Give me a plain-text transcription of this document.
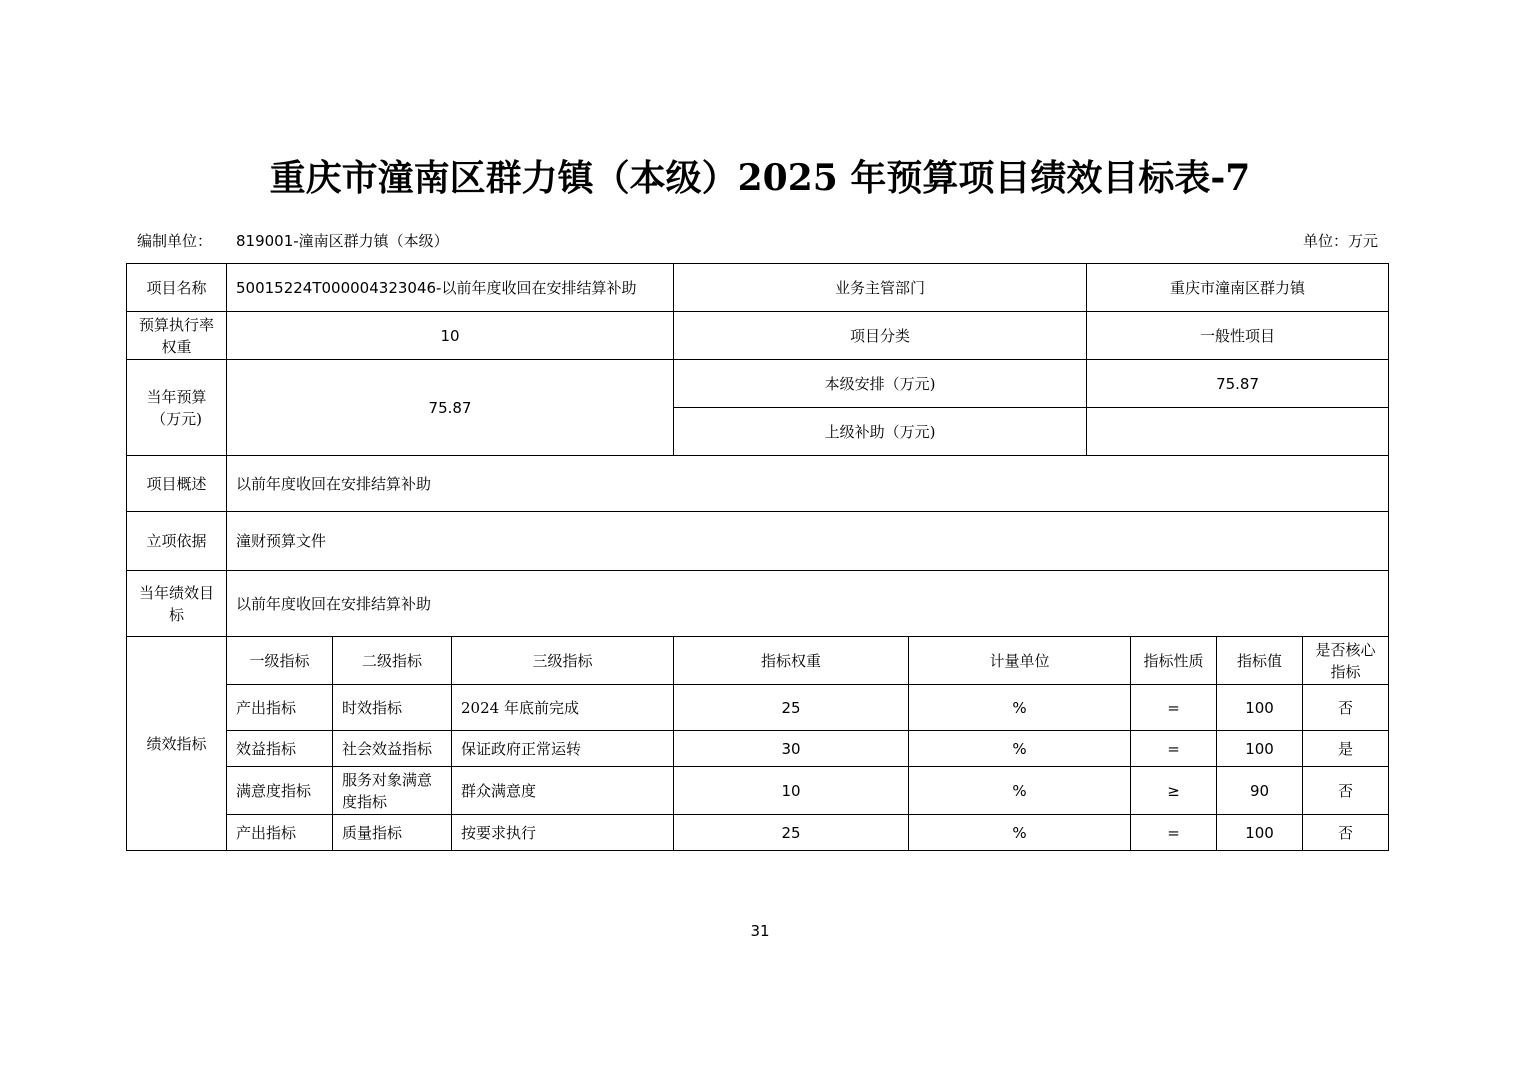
重庆市潼南区群力镇（本级）2025 年预算项目绩效目标表-7
编制单位： 819001-潼南区群力镇（本级）	单位：万元
项目名称	50015224T000004323046-以前年度收回在安排结算补助			业务主管部门		重庆市潼南区群力镇			
预算执行率权重	10			项目分类		一般性项目			
当年预算（万元)	75.87			本级安排（万元)		75.87			
				上级补助（万元)					
项目概述	以前年度收回在安排结算补助								
立项依据	潼财预算文件								
当年绩效目标	以前年度收回在安排结算补助								
绩效指标	一级指标	二级指标	三级指标	指标权重	计量单位		指标性质	指标值	是否核心指标
	产出指标	时效指标	2024 年底前完成	25	%		=	100	否
	效益指标	社会效益指标	保证政府正常运转	30	%		=	100	是
	满意度指标	服务对象满意度指标	群众满意度	10	%		≥	90	否
	产出指标	质量指标	按要求执行	25	%		=	100	否
31
